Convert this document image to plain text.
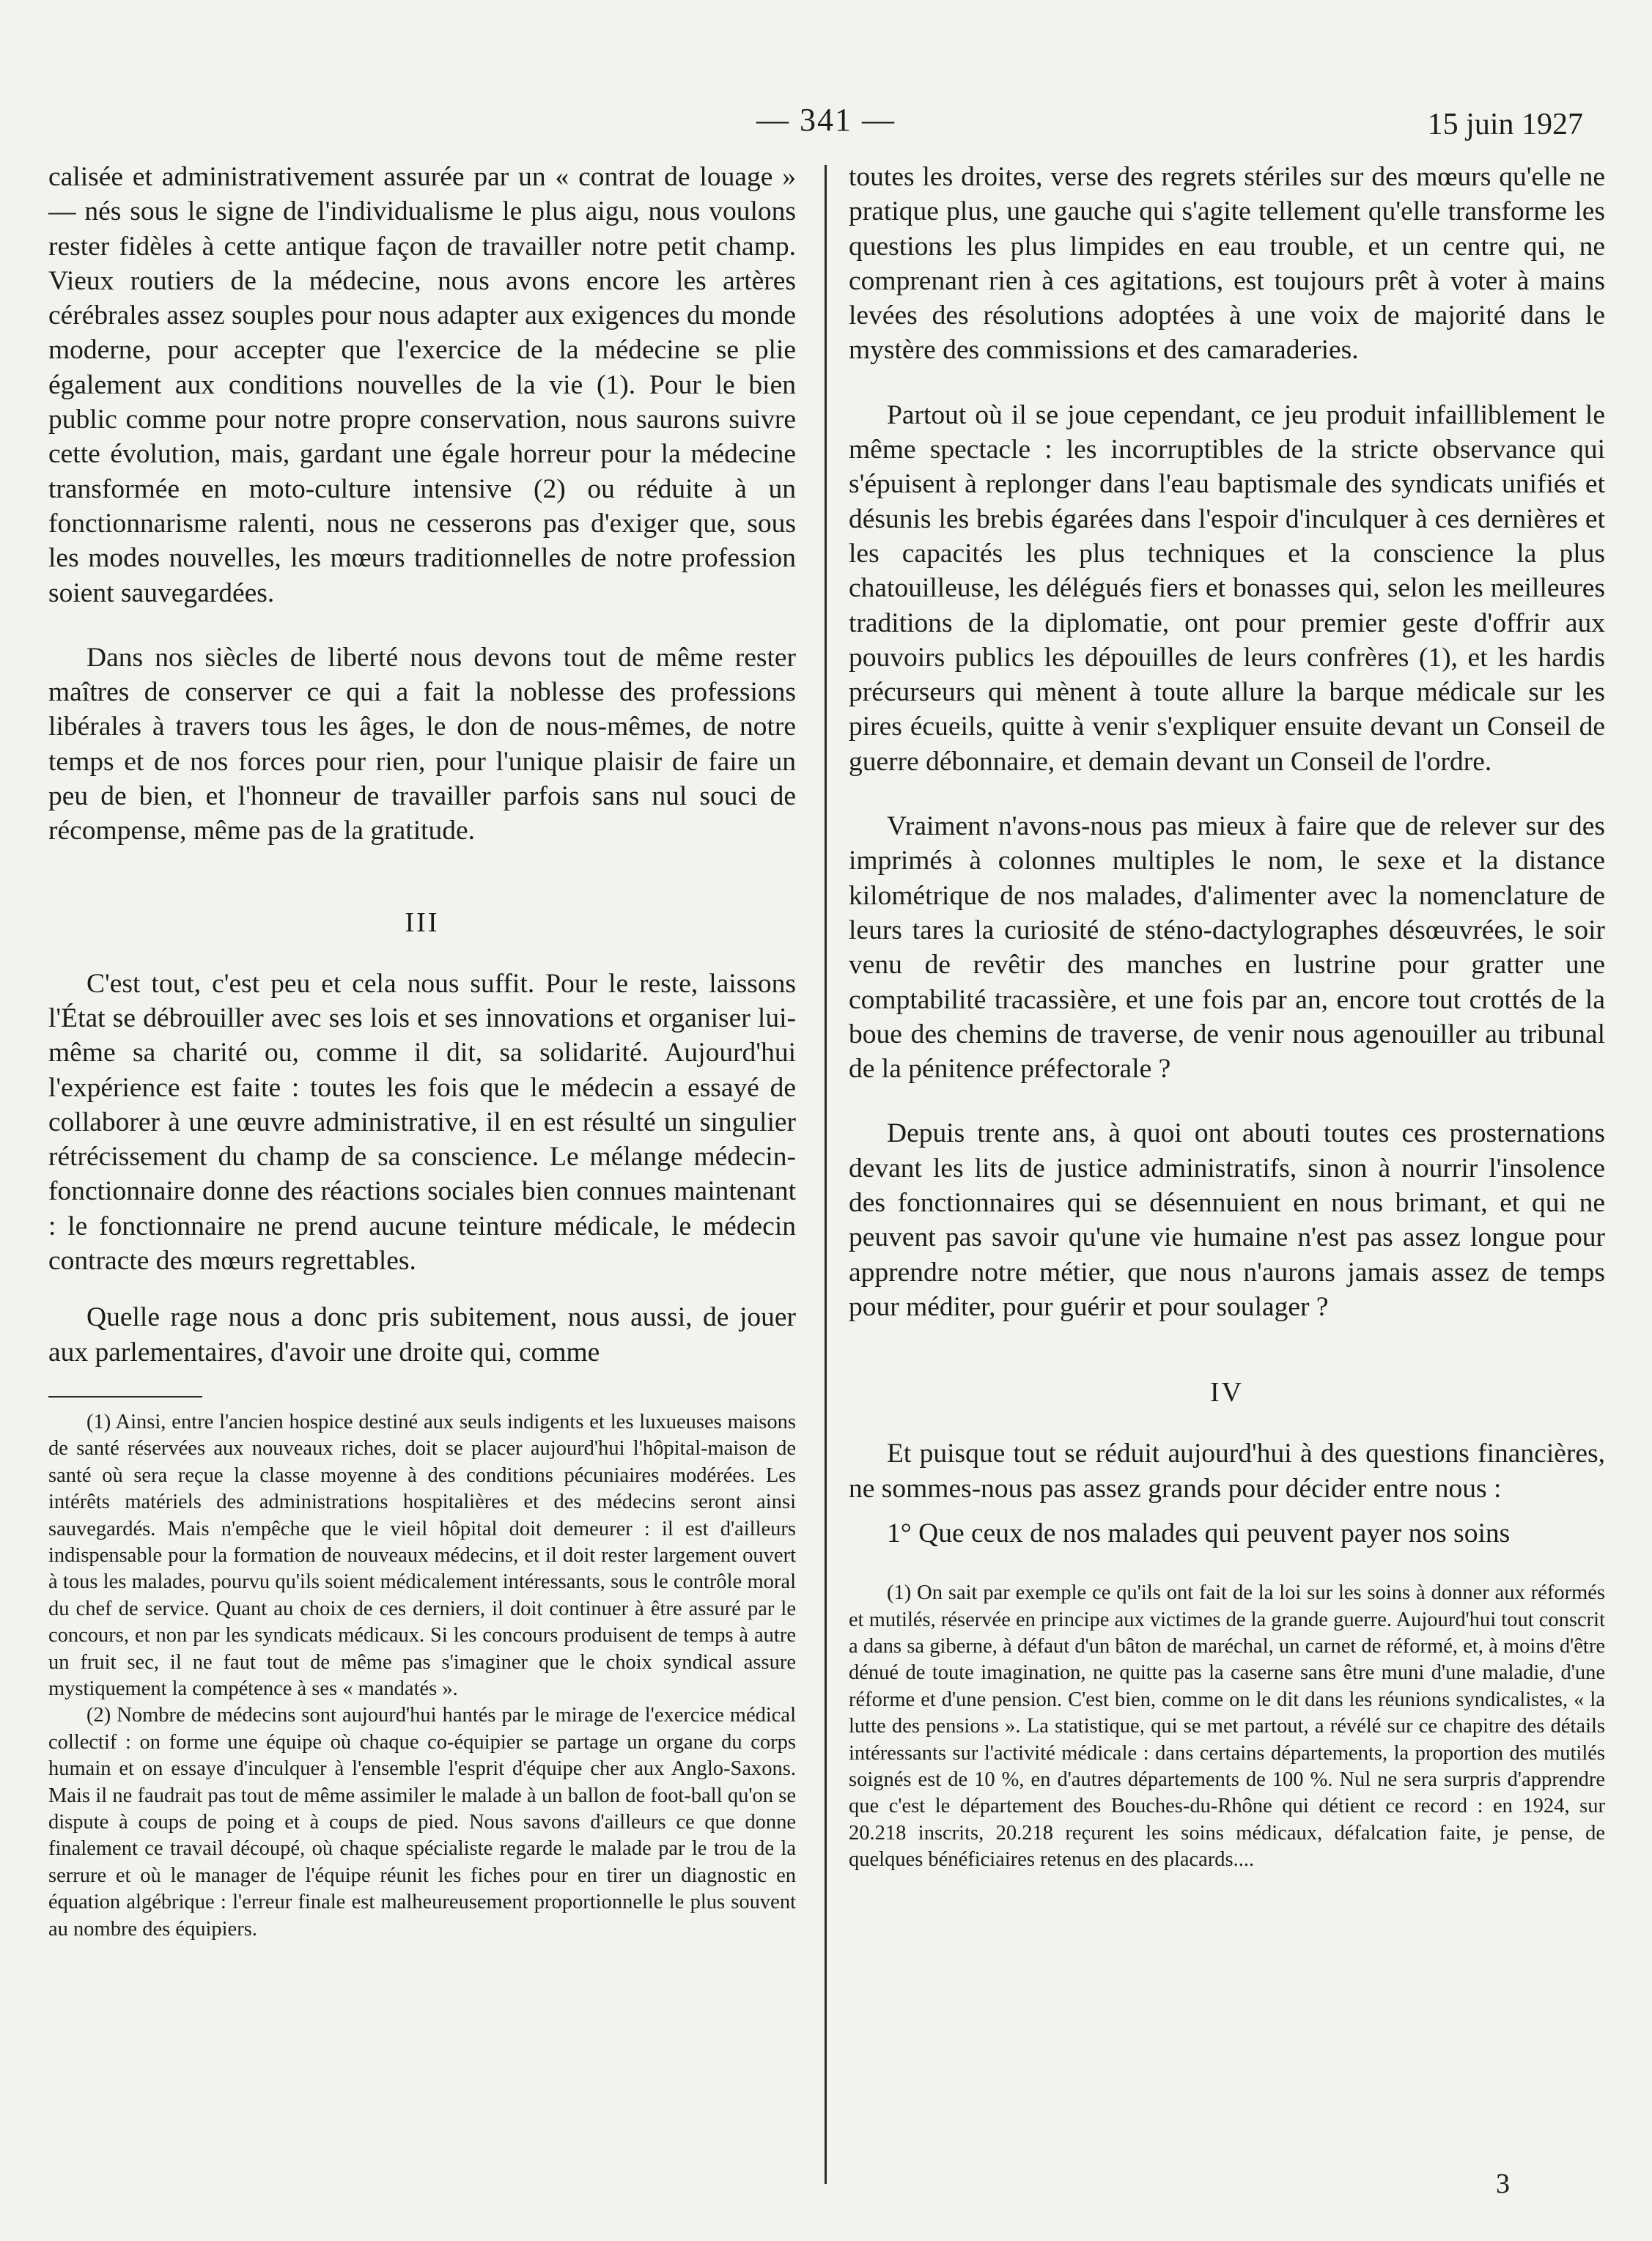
— 341 —	15 juin 1927

calisée et administrativement assurée par un « contrat de louage » — nés sous le signe de l'individualisme le plus aigu, nous voulons rester fidèles à cette antique façon de travailler notre petit champ. Vieux routiers de la médecine, nous avons encore les artères cérébrales assez souples pour nous adapter aux exigences du monde moderne, pour accepter que l'exercice de la médecine se plie également aux conditions nouvelles de la vie (1). Pour le bien public comme pour notre propre conservation, nous saurons suivre cette évolution, mais, gardant une égale horreur pour la médecine transformée en moto-culture intensive (2) ou réduite à un fonctionnarisme ralenti, nous ne cesserons pas d'exiger que, sous les modes nouvelles, les mœurs traditionnelles de notre profession soient sauvegardées.

Dans nos siècles de liberté nous devons tout de même rester maîtres de conserver ce qui a fait la noblesse des professions libérales à travers tous les âges, le don de nous-mêmes, de notre temps et de nos forces pour rien, pour l'unique plaisir de faire un peu de bien, et l'honneur de travailler parfois sans nul souci de récompense, même pas de la gratitude.

III

C'est tout, c'est peu et cela nous suffit. Pour le reste, laissons l'État se débrouiller avec ses lois et ses innovations et organiser lui-même sa charité ou, comme il dit, sa solidarité. Aujourd'hui l'expérience est faite : toutes les fois que le médecin a essayé de collaborer à une œuvre administrative, il en est résulté un singulier rétrécissement du champ de sa conscience. Le mélange médecin-fonctionnaire donne des réactions sociales bien connues maintenant : le fonctionnaire ne prend aucune teinture médicale, le médecin contracte des mœurs regrettables.

Quelle rage nous a donc pris subitement, nous aussi, de jouer aux parlementaires, d'avoir une droite qui, comme

(1) Ainsi, entre l'ancien hospice destiné aux seuls indigents et les luxueuses maisons de santé réservées aux nouveaux riches, doit se placer aujourd'hui l'hôpital-maison de santé où sera reçue la classe moyenne à des conditions pécuniaires modérées. Les intérêts matériels des administrations hospitalières et des médecins seront ainsi sauvegardés. Mais n'empêche que le vieil hôpital doit demeurer : il est d'ailleurs indispensable pour la formation de nouveaux médecins, et il doit rester largement ouvert à tous les malades, pourvu qu'ils soient médicalement intéressants, sous le contrôle moral du chef de service. Quant au choix de ces derniers, il doit continuer à être assuré par le concours, et non par les syndicats médicaux. Si les concours produisent de temps à autre un fruit sec, il ne faut tout de même pas s'imaginer que le choix syndical assure mystiquement la compétence à ses « mandatés ».

(2) Nombre de médecins sont aujourd'hui hantés par le mirage de l'exercice médical collectif : on forme une équipe où chaque co-équipier se partage un organe du corps humain et on essaye d'inculquer à l'ensemble l'esprit d'équipe cher aux Anglo-Saxons. Mais il ne faudrait pas tout de même assimiler le malade à un ballon de foot-ball qu'on se dispute à coups de poing et à coups de pied. Nous savons d'ailleurs ce que donne finalement ce travail découpé, où chaque spécialiste regarde le malade par le trou de la serrure et où le manager de l'équipe réunit les fiches pour en tirer un diagnostic en équation algébrique : l'erreur finale est malheureusement proportionnelle le plus souvent au nombre des équipiers.

toutes les droites, verse des regrets stériles sur des mœurs qu'elle ne pratique plus, une gauche qui s'agite tellement qu'elle transforme les questions les plus limpides en eau trouble, et un centre qui, ne comprenant rien à ces agitations, est toujours prêt à voter à mains levées des résolutions adoptées à une voix de majorité dans le mystère des commissions et des camaraderies.

Partout où il se joue cependant, ce jeu produit infailliblement le même spectacle : les incorruptibles de la stricte observance qui s'épuisent à replonger dans l'eau baptismale des syndicats unifiés et désunis les brebis égarées dans l'espoir d'inculquer à ces dernières et les capacités les plus techniques et la conscience la plus chatouilleuse, les délégués fiers et bonasses qui, selon les meilleures traditions de la diplomatie, ont pour premier geste d'offrir aux pouvoirs publics les dépouilles de leurs confrères (1), et les hardis précurseurs qui mènent à toute allure la barque médicale sur les pires écueils, quitte à venir s'expliquer ensuite devant un Conseil de guerre débonnaire, et demain devant un Conseil de l'ordre.

Vraiment n'avons-nous pas mieux à faire que de relever sur des imprimés à colonnes multiples le nom, le sexe et la distance kilométrique de nos malades, d'alimenter avec la nomenclature de leurs tares la curiosité de sténo-dactylographes désœuvrées, le soir venu de revêtir des manches en lustrine pour gratter une comptabilité tracassière, et une fois par an, encore tout crottés de la boue des chemins de traverse, de venir nous agenouiller au tribunal de la pénitence préfectorale ?

Depuis trente ans, à quoi ont abouti toutes ces prosternations devant les lits de justice administratifs, sinon à nourrir l'insolence des fonctionnaires qui se désennuient en nous brimant, et qui ne peuvent pas savoir qu'une vie humaine n'est pas assez longue pour apprendre notre métier, que nous n'aurons jamais assez de temps pour méditer, pour guérir et pour soulager ?

IV

Et puisque tout se réduit aujourd'hui à des questions financières, ne sommes-nous pas assez grands pour décider entre nous :

1° Que ceux de nos malades qui peuvent payer nos soins

(1) On sait par exemple ce qu'ils ont fait de la loi sur les soins à donner aux réformés et mutilés, réservée en principe aux victimes de la grande guerre. Aujourd'hui tout conscrit a dans sa giberne, à défaut d'un bâton de maréchal, un carnet de réformé, et, à moins d'être dénué de toute imagination, ne quitte pas la caserne sans être muni d'une maladie, d'une réforme et d'une pension. C'est bien, comme on le dit dans les réunions syndicalistes, « la lutte des pensions ». La statistique, qui se met partout, a révélé sur ce chapitre des détails intéressants sur l'activité médicale : dans certains départements, la proportion des mutilés soignés est de 10 %, en d'autres départements de 100 %. Nul ne sera surpris d'apprendre que c'est le département des Bouches-du-Rhône qui détient ce record : en 1924, sur 20.218 inscrits, 20.218 reçurent les soins médicaux, défalcation faite, je pense, de quelques bénéficiaires retenus en des placards....

3
